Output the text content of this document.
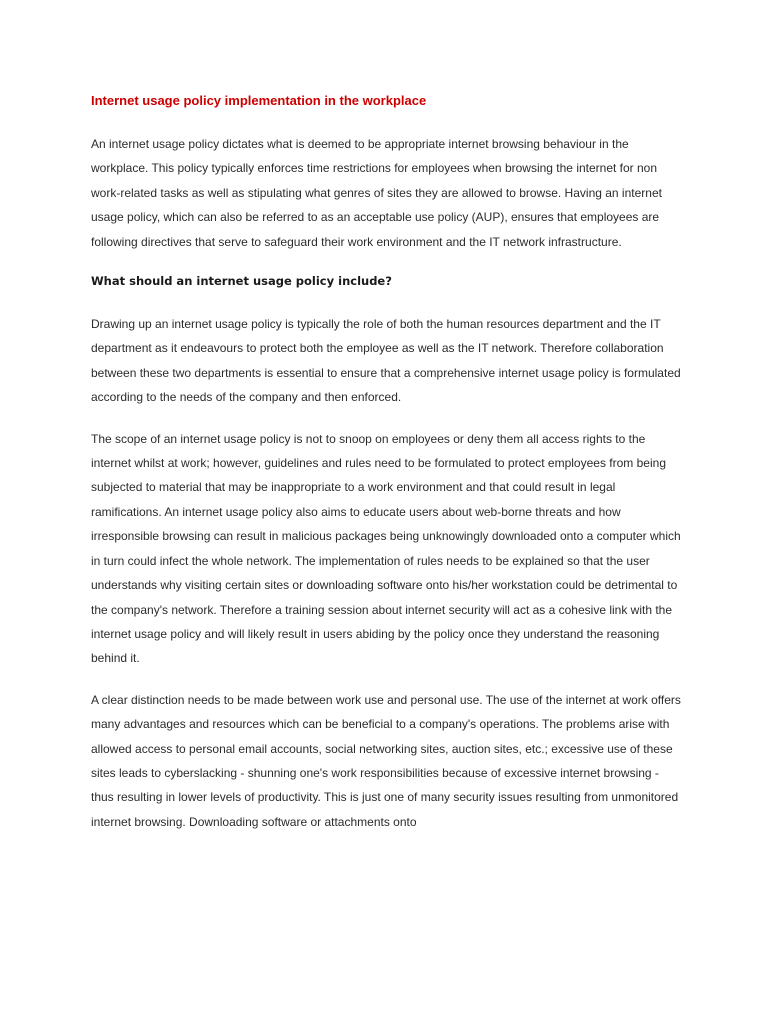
Internet usage policy implementation in the workplace

An internet usage policy dictates what is deemed to be appropriate internet browsing behaviour in the workplace. This policy typically enforces time restrictions for employees when browsing the internet for non work-related tasks as well as stipulating what genres of sites they are allowed to browse. Having an internet usage policy, which can also be referred to as an acceptable use policy (AUP), ensures that employees are following directives that serve to safeguard their work environment and the IT network infrastructure.

What should an internet usage policy include?

Drawing up an internet usage policy is typically the role of both the human resources department and the IT department as it endeavours to protect both the employee as well as the IT network. Therefore collaboration between these two departments is essential to ensure that a comprehensive internet usage policy is formulated according to the needs of the company and then enforced.

The scope of an internet usage policy is not to snoop on employees or deny them all access rights to the internet whilst at work; however, guidelines and rules need to be formulated to protect employees from being subjected to material that may be inappropriate to a work environment and that could result in legal ramifications. An internet usage policy also aims to educate users about web-borne threats and how irresponsible browsing can result in malicious packages being unknowingly downloaded onto a computer which in turn could infect the whole network. The implementation of rules needs to be explained so that the user understands why visiting certain sites or downloading software onto his/her workstation could be detrimental to the company's network. Therefore a training session about internet security will act as a cohesive link with the internet usage policy and will likely result in users abiding by the policy once they understand the reasoning behind it.

A clear distinction needs to be made between work use and personal use. The use of the internet at work offers many advantages and resources which can be beneficial to a company's operations. The problems arise with allowed access to personal email accounts, social networking sites, auction sites, etc.; excessive use of these sites leads to cyberslacking - shunning one's work responsibilities because of excessive internet browsing - thus resulting in lower levels of productivity. This is just one of many security issues resulting from unmonitored internet browsing. Downloading software or attachments onto
